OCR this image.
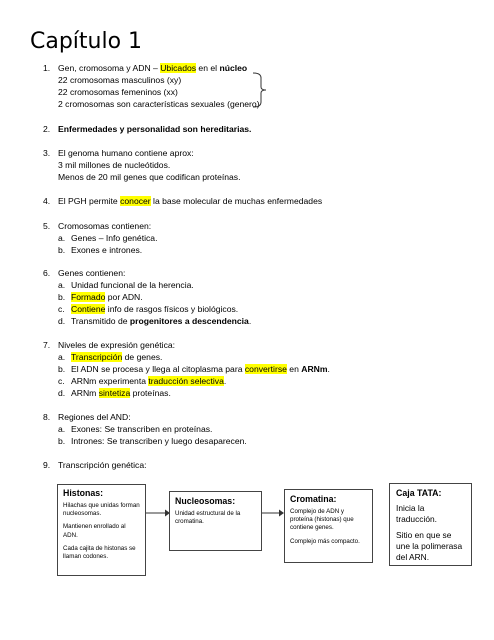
Capítulo 1
1. Gen, cromosoma y ADN – Ubicados en el núcleo
22 cromosomas masculinos (xy)
22 cromosomas femeninos (xx)
2 cromosomas son características sexuales (genero)
2. Enfermedades y personalidad son hereditarias.
3. El genoma humano contiene aprox:
3 mil millones de nucleótidos.
Menos de 20 mil genes que codifican proteínas.
4. El PGH permite conocer la base molecular de muchas enfermedades
5. Cromosomas contienen:
a. Genes – Info genética.
b. Exones e intrones.
6. Genes contienen:
a. Unidad funcional de la herencia.
b. Formado por ADN.
c. Contiene info de rasgos físicos y biológicos.
d. Transmitido de progenitores a descendencia.
7. Niveles de expresión genética:
a. Transcripción de genes.
b. El ADN se procesa y llega al citoplasma para convertirse en ARNm.
c. ARNm experimenta traducción selectiva.
d. ARNm sintetiza proteínas.
8. Regiones del AND:
a. Exones: Se transcriben en proteínas.
b. Intrones: Se transcriben y luego desaparecen.
9. Transcripción genética:
Histonas:

Hilachas que unidas forman nucleosomas.

Mantienen enrollado al ADN.

Cada cajita de histonas se llaman codones.

Nucleosomas:

Unidad estructural de la cromatina.

Cromatina:

Complejo de ADN y proteína (histonas) que contiene genes.

Complejo más compacto.

Caja TATA:
Inicia la traducción.
Sitio en que se une la polimerasa del ARN.
